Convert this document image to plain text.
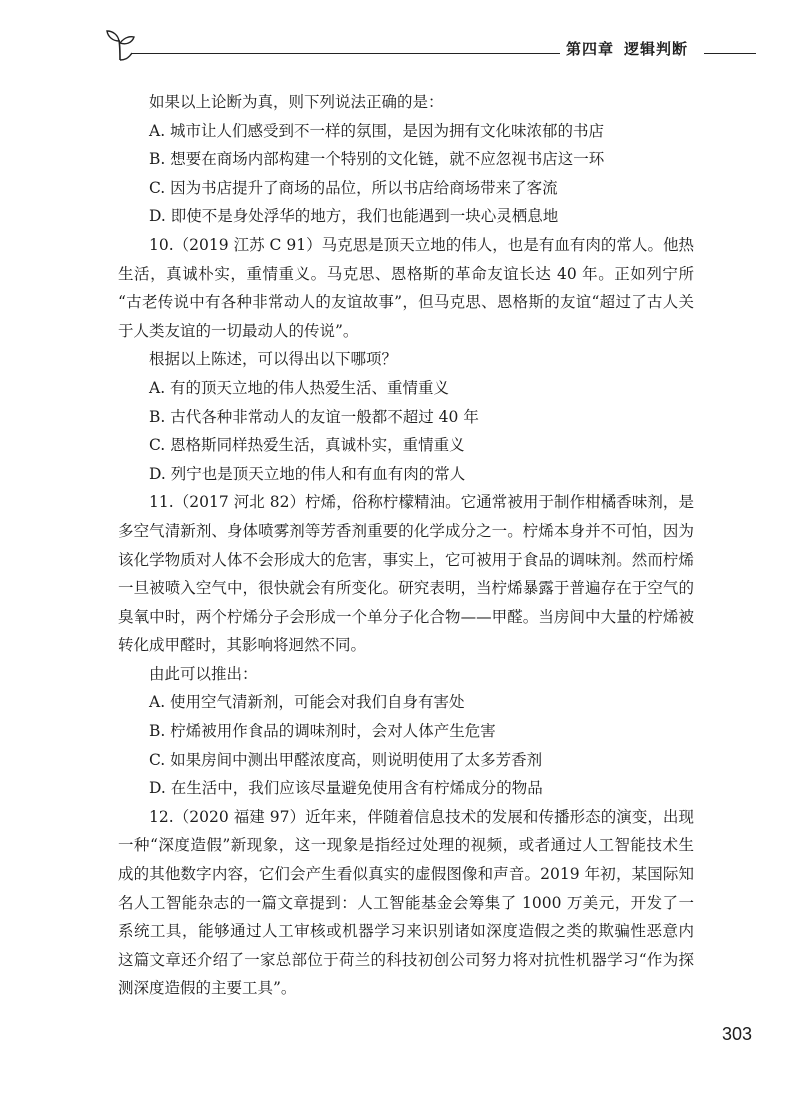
第四章 逻辑判断
如果以上论断为真，则下列说法正确的是：
A. 城市让人们感受到不一样的氛围，是因为拥有文化味浓郁的书店
B. 想要在商场内部构建一个特别的文化链，就不应忽视书店这一环
C. 因为书店提升了商场的品位，所以书店给商场带来了客流
D. 即使不是身处浮华的地方，我们也能遇到一块心灵栖息地
10.（2019 江苏 C 91）马克思是顶天立地的伟人，也是有血有肉的常人。他热
生活，真诚朴实，重情重义。马克思、恩格斯的革命友谊长达 40 年。正如列宁所
“古老传说中有各种非常动人的友谊故事”，但马克思、恩格斯的友谊“超过了古人关
于人类友谊的一切最动人的传说”。
根据以上陈述，可以得出以下哪项？
A. 有的顶天立地的伟人热爱生活、重情重义
B. 古代各种非常动人的友谊一般都不超过 40 年
C. 恩格斯同样热爱生活，真诚朴实，重情重义
D. 列宁也是顶天立地的伟人和有血有肉的常人
11.（2017 河北 82）柠烯，俗称柠檬精油。它通常被用于制作柑橘香味剂，是
多空气清新剂、身体喷雾剂等芳香剂重要的化学成分之一。柠烯本身并不可怕，因为
该化学物质对人体不会形成大的危害，事实上，它可被用于食品的调味剂。然而柠烯
一旦被喷入空气中，很快就会有所变化。研究表明，当柠烯暴露于普遍存在于空气的
臭氧中时，两个柠烯分子会形成一个单分子化合物——甲醛。当房间中大量的柠烯被
转化成甲醛时，其影响将迥然不同。
由此可以推出：
A. 使用空气清新剂，可能会对我们自身有害处
B. 柠烯被用作食品的调味剂时，会对人体产生危害
C. 如果房间中测出甲醛浓度高，则说明使用了太多芳香剂
D. 在生活中，我们应该尽量避免使用含有柠烯成分的物品
12.（2020 福建 97）近年来，伴随着信息技术的发展和传播形态的演变，出现
一种“深度造假”新现象，这一现象是指经过处理的视频，或者通过人工智能技术生
成的其他数字内容，它们会产生看似真实的虚假图像和声音。2019 年初，某国际知
名人工智能杂志的一篇文章提到：人工智能基金会筹集了 1000 万美元，开发了一
系统工具，能够通过人工审核或机器学习来识别诸如深度造假之类的欺骗性恶意内
这篇文章还介绍了一家总部位于荷兰的科技初创公司努力将对抗性机器学习“作为探
测深度造假的主要工具”。
303
